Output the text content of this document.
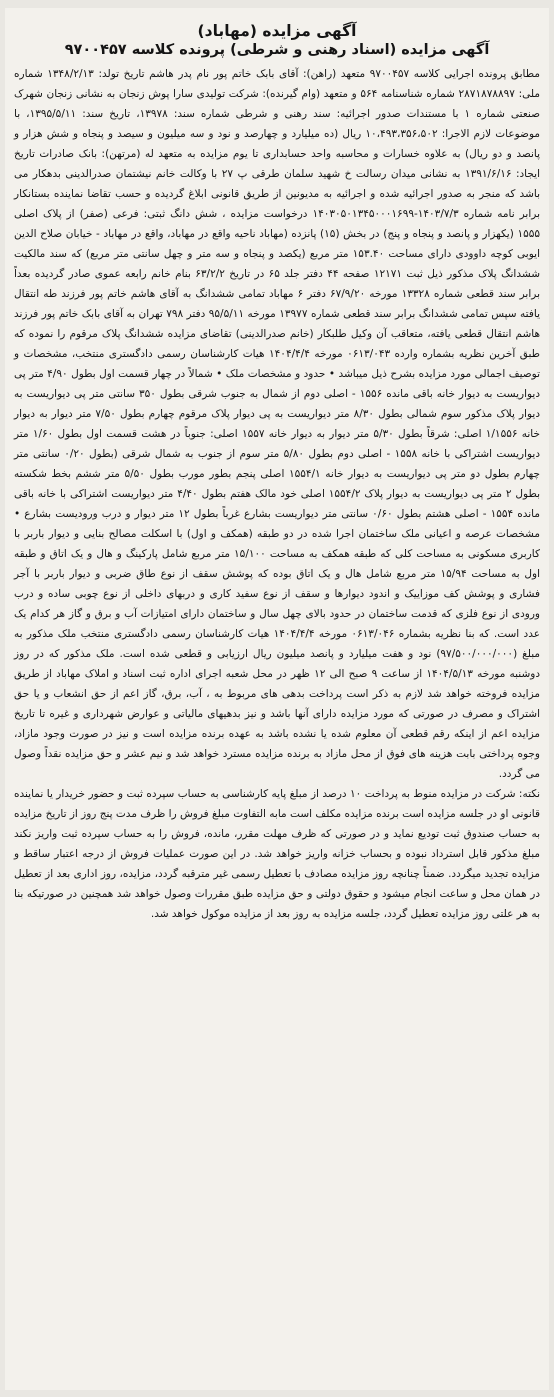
آگهی مزایده (مهاباد)
آگهی مزایده (اسناد رهنی و شرطی) پرونده کلاسه ۹۷۰۰۴۵۷

مطابق پرونده اجرایی کلاسه ۹۷۰۰۴۵۷ متعهد (راهن): آقای بابک خاتم پور نام پدر هاشم تاریخ تولد: ۱۳۴۸/۲/۱۳ شماره ملی: ۲۸۷۱۸۷۸۸۹۷ شماره شناسنامه ۵۶۴ و متعهد (وام گیرنده): شرکت تولیدی سارا پوش زنجان به نشانی زنجان شهرک صنعتی شماره ۱ با مستندات صدور اجرائیه: سند رهنی و شرطی شماره سند: ۱۳۹۷۸، تاریخ سند: ۱۳۹۵/۵/۱۱، با موضوعات لازم الاجرا: ۱۰،۴۹۳،۳۵۶،۵۰۲ ریال (ده میلیارد و چهارصد و نود و سه میلیون و سیصد و پنجاه و شش هزار و پانصد و دو ریال) به علاوه خسارات و محاسبه واحد حسابداری تا یوم مزایده به متعهد له (مرتهن): بانک صادرات تاریخ ایجاد: ۱۳۹۱/۶/۱۶ به نشانی میدان رسالت خ شهید سلمان طرقی پ ۲۷ با وکالت خانم نیشتمان صدرالدینی بدهکار می باشد که منجر به صدور اجرائیه شده و اجرائیه به مدیونین از طریق قانونی ابلاغ گردیده و حسب تقاضا نماینده بستانکار برابر نامه شماره ۱۴۰۳/۷/۳-۱۴۰۳۰۵۰۱۳۴۵۰۰۰۱۶۹۹ درخواست مزایده ، شش دانگ ثبتی: فرعی (صفر) از پلاک اصلی ۱۵۵۵ (یکهزار و پانصد و پنجاه و پنج) در بخش (۱۵) پانزده (مهاباد ناحیه واقع در مهاباد، واقع در مهاباد - خیابان صلاح الدین ایوبی کوچه داوودی دارای مساحت ۱۵۳.۴۰ متر مربع (یکصد و پنجاه و سه متر و چهل سانتی متر مربع) که سند مالکیت ششدانگ پلاک مذکور ذیل ثبت ۱۲۱۷۱ صفحه ۴۴ دفتر جلد ۶۵ در تاریخ ۶۳/۲/۲ بنام خانم رابعه عموی صادر گردیده بعداً برابر سند قطعی شماره ۱۳۳۲۸ مورخه ۶۷/۹/۲۰ دفتر ۶ مهاباد تمامی ششدانگ به آقای هاشم خاتم پور فرزند طه انتقال یافته سپس تمامی ششدانگ برابر سند قطعی شماره ۱۳۹۷۷ مورخه ۹۵/۵/۱۱ دفتر ۷۹۸ تهران به آقای بابک خاتم پور فرزند هاشم انتقال قطعی یافته، متعاقب آن وکیل طلبکار (خانم صدرالدینی) تقاضای مزایده ششدانگ پلاک مرقوم را نموده که طبق آخرین نظریه بشماره وارده ۰۶۱۳/۰۴۳ مورخه ۱۴۰۴/۴/۴ هیات کارشناسان رسمی دادگستری منتخب، مشخصات و توصیف اجمالی مورد مزایده بشرح ذیل میباشد • حدود و مشخصات ملک • شمالاً در چهار قسمت اول بطول ۴/۹۰ متر پی دیواریست به دیوار خانه باقی مانده ۱۵۵۶ - اصلی دوم از شمال به جنوب شرقی بطول ۳۵۰ سانتی متر پی دیواریست به دیوار پلاک مذکور سوم شمالی بطول ۸/۳۰ متر دیواریست به پی دیوار پلاک مرقوم چهارم بطول ۷/۵۰ متر دیوار به دیوار خانه ۱/۱۵۵۶ اصلی: شرقاً بطول ۵/۳۰ متر دیوار به دیوار خانه ۱۵۵۷ اصلی: جنوباً در هشت قسمت اول بطول ۱/۶۰ متر دیواریست اشتراکی با خانه ۱۵۵۸ - اصلی دوم بطول ۵/۸۰ متر سوم از جنوب به شمال شرقی (بطول ۰/۲۰ سانتی متر چهارم بطول دو متر پی دیواریست به دیوار خانه ۱۵۵۴/۱ اصلی پنجم بطور مورب بطول ۵/۵۰ متر ششم بخط شکسته بطول ۲ متر پی دیواریست به دیوار پلاک ۱۵۵۴/۲ اصلی خود مالک هفتم بطول ۴/۴۰ متر دیواریست اشتراکی با خانه باقی مانده ۱۵۵۴ - اصلی هشتم بطول ۰/۶۰ سانتی متر دیواریست بشارع غرباً بطول ۱۲ متر دیوار و درب ورودیست بشارع • مشخصات عرصه و اعیانی ملک ساختمان اجرا شده در دو طبقه (همکف و اول) با اسکلت مصالح بنایی و دیوار باربر با کاربری مسکونی به مساحت کلی که طبقه همکف به مساحت ۱۵/۱۰۰ متر مربع شامل پارکینگ و هال و یک اتاق و طبقه اول به مساحت ۱۵/۹۴ متر مربع شامل هال و یک اتاق بوده که پوشش سقف از نوع طاق ضربی و دیوار باربر با آجر فشاری و پوشش کف موزاییک و اندود دیوارها و سقف از نوع سفید کاری و دربهای داخلی از نوع چوبی ساده و درب ورودی از نوع فلزی که قدمت ساختمان در حدود بالای چهل سال و ساختمان دارای امتیازات آب و برق و گاز هر کدام یک عدد است. که بنا نظریه بشماره ۰۶۱۳/۰۴۶ مورخه ۱۴۰۴/۴/۴ هیات کارشناسان رسمی دادگستری منتخب ملک مذکور به مبلغ (۹۷/۵۰۰/۰۰۰/۰۰۰) نود و هفت میلیارد و پانصد میلیون ریال ارزیابی و قطعی شده است. ملک مذکور که در روز دوشنبه مورخه ۱۴۰۴/۵/۱۳ از ساعت ۹ صبح الی ۱۲ ظهر در محل شعبه اجرای اداره ثبت اسناد و املاک مهاباد از طریق مزایده فروخته خواهد شد لازم به ذکر است پرداخت بدهی های مربوط به ، آب، برق، گاز اعم از حق انشعاب و یا حق اشتراک و مصرف در صورتی که مورد مزایده دارای آنها باشد و نیز بدهیهای مالیاتی و عوارض شهرداری و غیره تا تاریخ مزایده اعم از اینکه رقم قطعی آن معلوم شده یا نشده باشد به عهده برنده مزایده است و نیز در صورت وجود مازاد، وجوه پرداختی بابت هزینه های فوق از محل مازاد به برنده مزایده مسترد خواهد شد و نیم عشر و حق مزایده نقداً وصول می گردد.

نکته: شرکت در مزایده منوط به پرداخت ۱۰ درصد از مبلغ پایه کارشناسی به حساب سپرده ثبت و حضور خریدار یا نماینده قانونی او در جلسه مزایده است برنده مزایده مکلف است مابه التفاوت مبلغ فروش را ظرف مدت پنج روز از تاریخ مزایده به حساب صندوق ثبت تودیع نماید و در صورتی که ظرف مهلت مقرر، مانده، فروش را به حساب سپرده ثبت واریز نکند مبلغ مذکور قابل استرداد نبوده و بحساب خزانه واریز خواهد شد. در این صورت عملیات فروش از درجه اعتبار ساقط و مزایده تجدید میگردد. ضمناً چنانچه روز مزایده مصادف با تعطیل رسمی غیر مترقبه گردد، مزایده، روز اداری بعد از تعطیل در همان محل و ساعت انجام میشود و حقوق دولتی و حق مزایده طبق مقررات وصول خواهد شد همچنین در صورتیکه بنا به هر علتی روز مزایده تعطیل گردد، جلسه مزایده به روز بعد از مزایده موکول خواهد شد.
